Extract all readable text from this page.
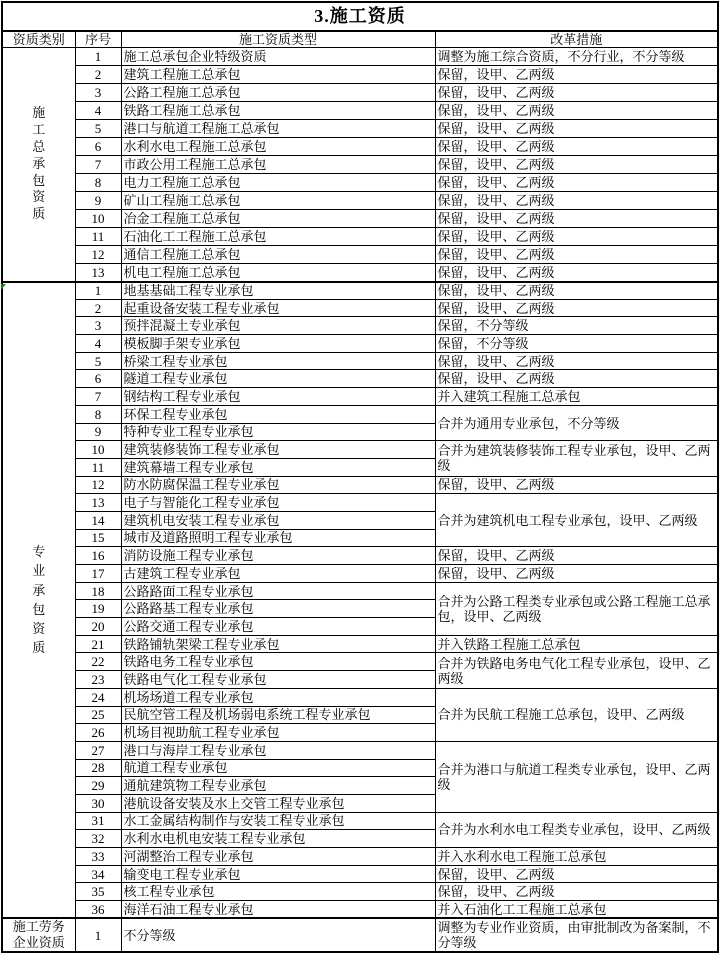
3.施工资质			
资质类别	序号	施工资质类型	改革措施

施工总承包资质	1	施工总承包企业特级资质	调整为施工综合资质，不分行业，不分等级
	2	建筑工程施工总承包	保留，设甲、乙两级
	3	公路工程施工总承包	保留，设甲、乙两级
	4	铁路工程施工总承包	保留，设甲、乙两级
	5	港口与航道工程施工总承包	保留，设甲、乙两级
	6	水利水电工程施工总承包	保留，设甲、乙两级
	7	市政公用工程施工总承包	保留，设甲、乙两级
	8	电力工程施工总承包	保留，设甲、乙两级
	9	矿山工程施工总承包	保留，设甲、乙两级
	10	冶金工程施工总承包	保留，设甲、乙两级
	11	石油化工工程施工总承包	保留，设甲、乙两级
	12	通信工程施工总承包	保留，设甲、乙两级
	13	机电工程施工总承包	保留，设甲、乙两级

专业承包资质	1	地基基础工程专业承包	保留，设甲、乙两级
	2	起重设备安装工程专业承包	保留，设甲、乙两级
	3	预拌混凝土专业承包	保留，不分等级
	4	模板脚手架专业承包	保留，不分等级
	5	桥梁工程专业承包	保留，设甲、乙两级
	6	隧道工程专业承包	保留，设甲、乙两级
	7	钢结构工程专业承包	并入建筑工程施工总承包
	8	环保工程专业承包	合并为通用专业承包，不分等级
	9	特种专业工程专业承包	
	10	建筑装修装饰工程专业承包	合并为建筑装修装饰工程专业承包，设甲、乙两级
	11	建筑幕墙工程专业承包	
	12	防水防腐保温工程专业承包	保留，设甲、乙两级
	13	电子与智能化工程专业承包	合并为建筑机电工程专业承包，设甲、乙两级
	14	建筑机电安装工程专业承包	
	15	城市及道路照明工程专业承包	
	16	消防设施工程专业承包	保留，设甲、乙两级
	17	古建筑工程专业承包	保留，设甲、乙两级
	18	公路路面工程专业承包	合并为公路工程类专业承包或公路工程施工总承包，设甲、乙两级
	19	公路路基工程专业承包	
	20	公路交通工程专业承包	
	21	铁路铺轨架梁工程专业承包	并入铁路工程施工总承包
	22	铁路电务工程专业承包	合并为铁路电务电气化工程专业承包，设甲、乙两级
	23	铁路电气化工程专业承包	
	24	机场场道工程专业承包	合并为民航工程施工总承包，设甲、乙两级
	25	民航空管工程及机场弱电系统工程专业承包	
	26	机场目视助航工程专业承包	
	27	港口与海岸工程专业承包	合并为港口与航道工程类专业承包，设甲、乙两级
	28	航道工程专业承包	
	29	通航建筑物工程专业承包	
	30	港航设备安装及水上交管工程专业承包	
	31	水工金属结构制作与安装工程专业承包	合并为水利水电工程类专业承包，设甲、乙两级
	32	水利水电机电安装工程专业承包	
	33	河湖整治工程专业承包	并入水利水电工程施工总承包
	34	输变电工程专业承包	保留，设甲、乙两级
	35	核工程专业承包	保留，设甲、乙两级
	36	海洋石油工程专业承包	并入石油化工工程施工总承包

施工劳务企业资质	1	不分等级	调整为专业作业资质，由审批制改为备案制，不分等级
